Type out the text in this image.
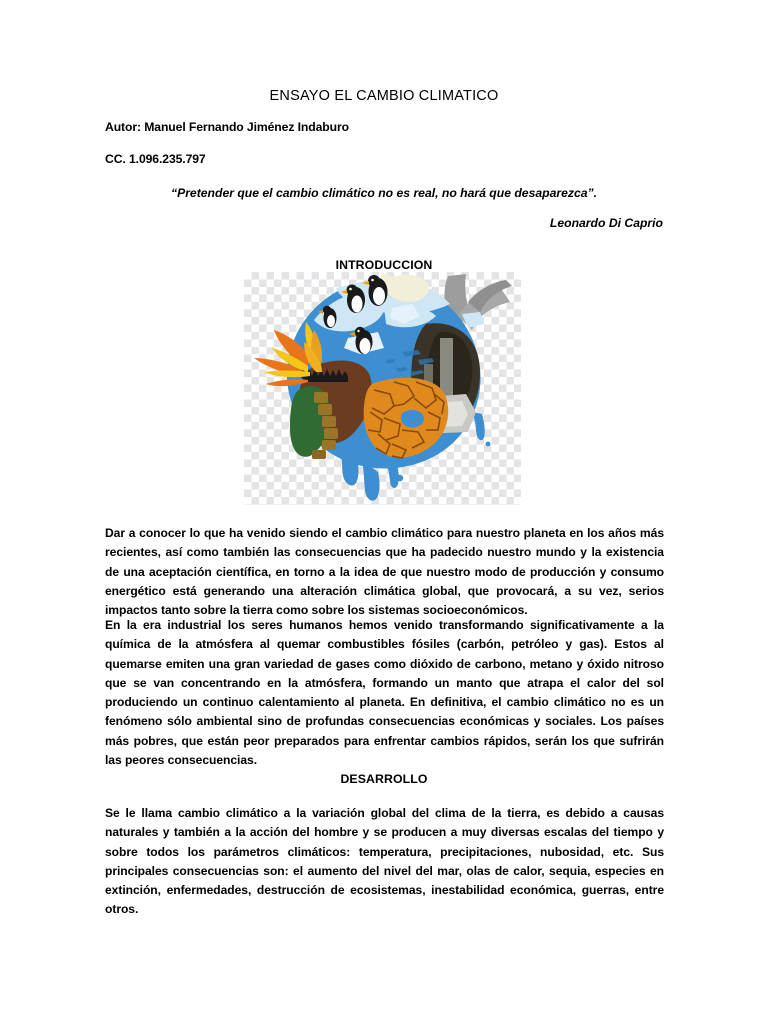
ENSAYO EL CAMBIO CLIMATICO
Autor: Manuel Fernando Jiménez Indaburo
CC. 1.096.235.797
“Pretender que el cambio climático no es real, no hará que desaparezca”.
Leonardo Di Caprio
INTRODUCCION

Dar a conocer lo que ha venido siendo el cambio climático para nuestro planeta en los años más recientes, así como también las consecuencias que ha padecido nuestro mundo y la existencia de una aceptación científica, en torno a la idea de que nuestro modo de producción y consumo energético está generando una alteración climática global, que provocará, a su vez, serios impactos tanto sobre la tierra como sobre los sistemas socioeconómicos.

En la era industrial los seres humanos hemos venido transformando significativamente a la química de la atmósfera al quemar combustibles fósiles (carbón, petróleo y gas). Estos al quemarse emiten una gran variedad de gases como dióxido de carbono, metano y óxido nitroso que se van concentrando en la atmósfera, formando un manto que atrapa el calor del sol produciendo un continuo calentamiento al planeta. En definitiva, el cambio climático no es un fenómeno sólo ambiental sino de profundas consecuencias económicas y sociales. Los países más pobres, que están peor preparados para enfrentar cambios rápidos, serán los que sufrirán las peores consecuencias.

DESARROLLO

Se le llama cambio climático a la variación global del clima de la tierra, es debido a causas naturales y también a la acción del hombre y se producen a muy diversas escalas del tiempo y sobre todos los parámetros climáticos: temperatura, precipitaciones, nubosidad, etc. Sus principales consecuencias son: el aumento del nivel del mar, olas de calor, sequia, especies en extinción, enfermedades, destrucción de ecosistemas, inestabilidad económica, guerras, entre otros.
